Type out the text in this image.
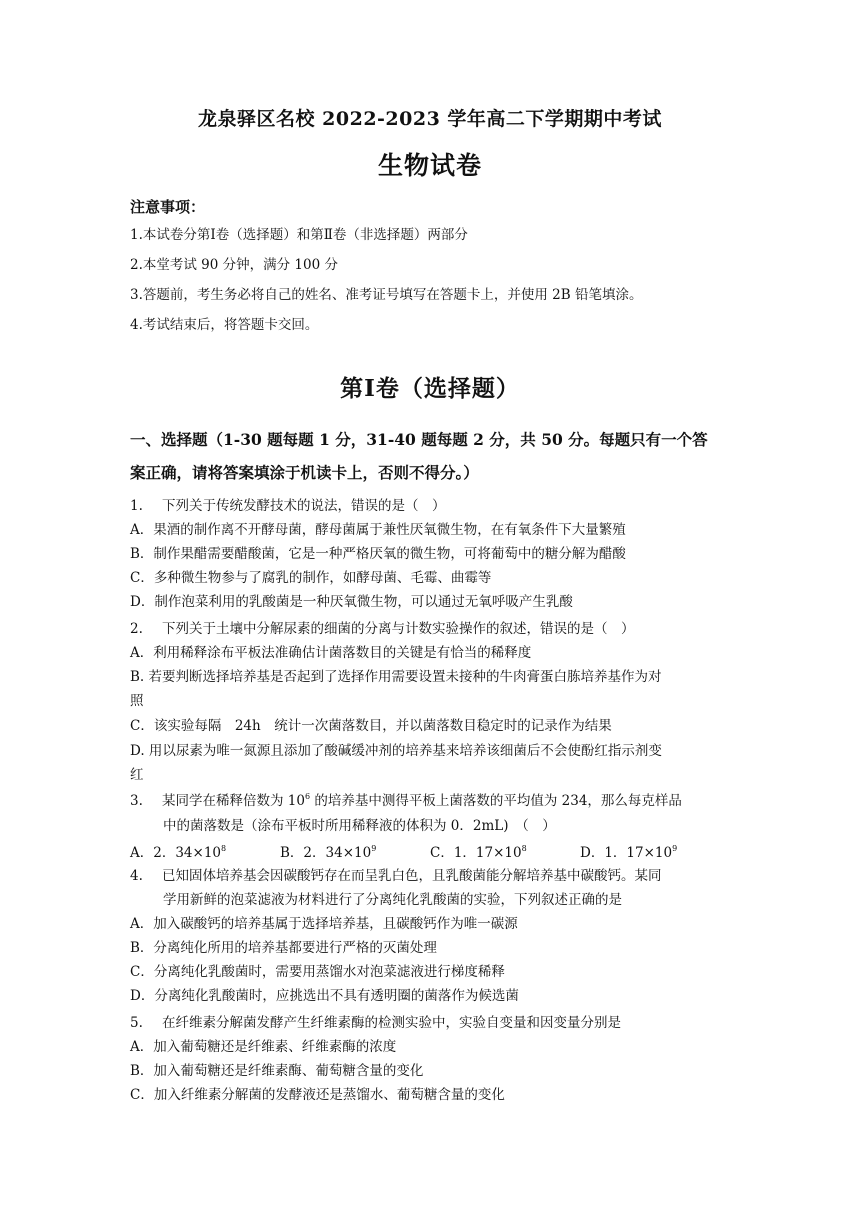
龙泉驿区名校 2022-2023 学年高二下学期期中考试
生物试卷
注意事项：
1.本试卷分第Ⅰ卷（选择题）和第Ⅱ卷（非选择题）两部分
2.本堂考试 90 分钟，满分 100 分
3.答题前，考生务必将自己的姓名、准考证号填写在答题卡上，并使用 2B 铅笔填涂。
4.考试结束后，将答题卡交回。
第Ⅰ卷（选择题）
一、选择题（1-30 题每题 1 分，31-40 题每题 2 分，共 50 分。每题只有一个答
案正确，请将答案填涂于机读卡上，否则不得分。）
1. 下列关于传统发酵技术的说法，错误的是（　）
A．果酒的制作离不开酵母菌，酵母菌属于兼性厌氧微生物，在有氧条件下大量繁殖
B．制作果醋需要醋酸菌，它是一种严格厌氧的微生物，可将葡萄中的糖分解为醋酸
C．多种微生物参与了腐乳的制作，如酵母菌、毛霉、曲霉等
D．制作泡菜利用的乳酸菌是一种厌氧微生物，可以通过无氧呼吸产生乳酸
2. 下列关于土壤中分解尿素的细菌的分离与计数实验操作的叙述，错误的是（　）
A．利用稀释涂布平板法准确估计菌落数目的关键是有恰当的稀释度
B. 若要判断选择培养基是否起到了选择作用需要设置未接种的牛肉膏蛋白胨培养基作为对
照
C．该实验每隔　24h　统计一次菌落数目，并以菌落数目稳定时的记录作为结果
D. 用以尿素为唯一氮源且添加了酸碱缓冲剂的培养基来培养该细菌后不会使酚红指示剂变
红
3. 某同学在稀释倍数为 $10^6$ 的培养基中测得平板上菌落数的平均值为 234，那么每克样品
中的菌落数是（涂布平板时所用稀释液的体积为 0．2mL)　（　）
A．2．$34\times 10^8$	B．2．$34\times 10^9$	C．1．$17\times 10^8$	D．1．$17\times 10^9$
4. 已知固体培养基会因碳酸钙存在而呈乳白色，且乳酸菌能分解培养基中碳酸钙。某同
学用新鲜的泡菜滤液为材料进行了分离纯化乳酸菌的实验，下列叙述正确的是
A．加入碳酸钙的培养基属于选择培养基，且碳酸钙作为唯一碳源
B．分离纯化所用的培养基都要进行严格的灭菌处理
C．分离纯化乳酸菌时，需要用蒸馏水对泡菜滤液进行梯度稀释
D．分离纯化乳酸菌时，应挑选出不具有透明圈的菌落作为候选菌
5. 在纤维素分解菌发酵产生纤维素酶的检测实验中，实验自变量和因变量分别是
A．加入葡萄糖还是纤维素、纤维素酶的浓度
B．加入葡萄糖还是纤维素酶、葡萄糖含量的变化
C．加入纤维素分解菌的发酵液还是蒸馏水、葡萄糖含量的变化
